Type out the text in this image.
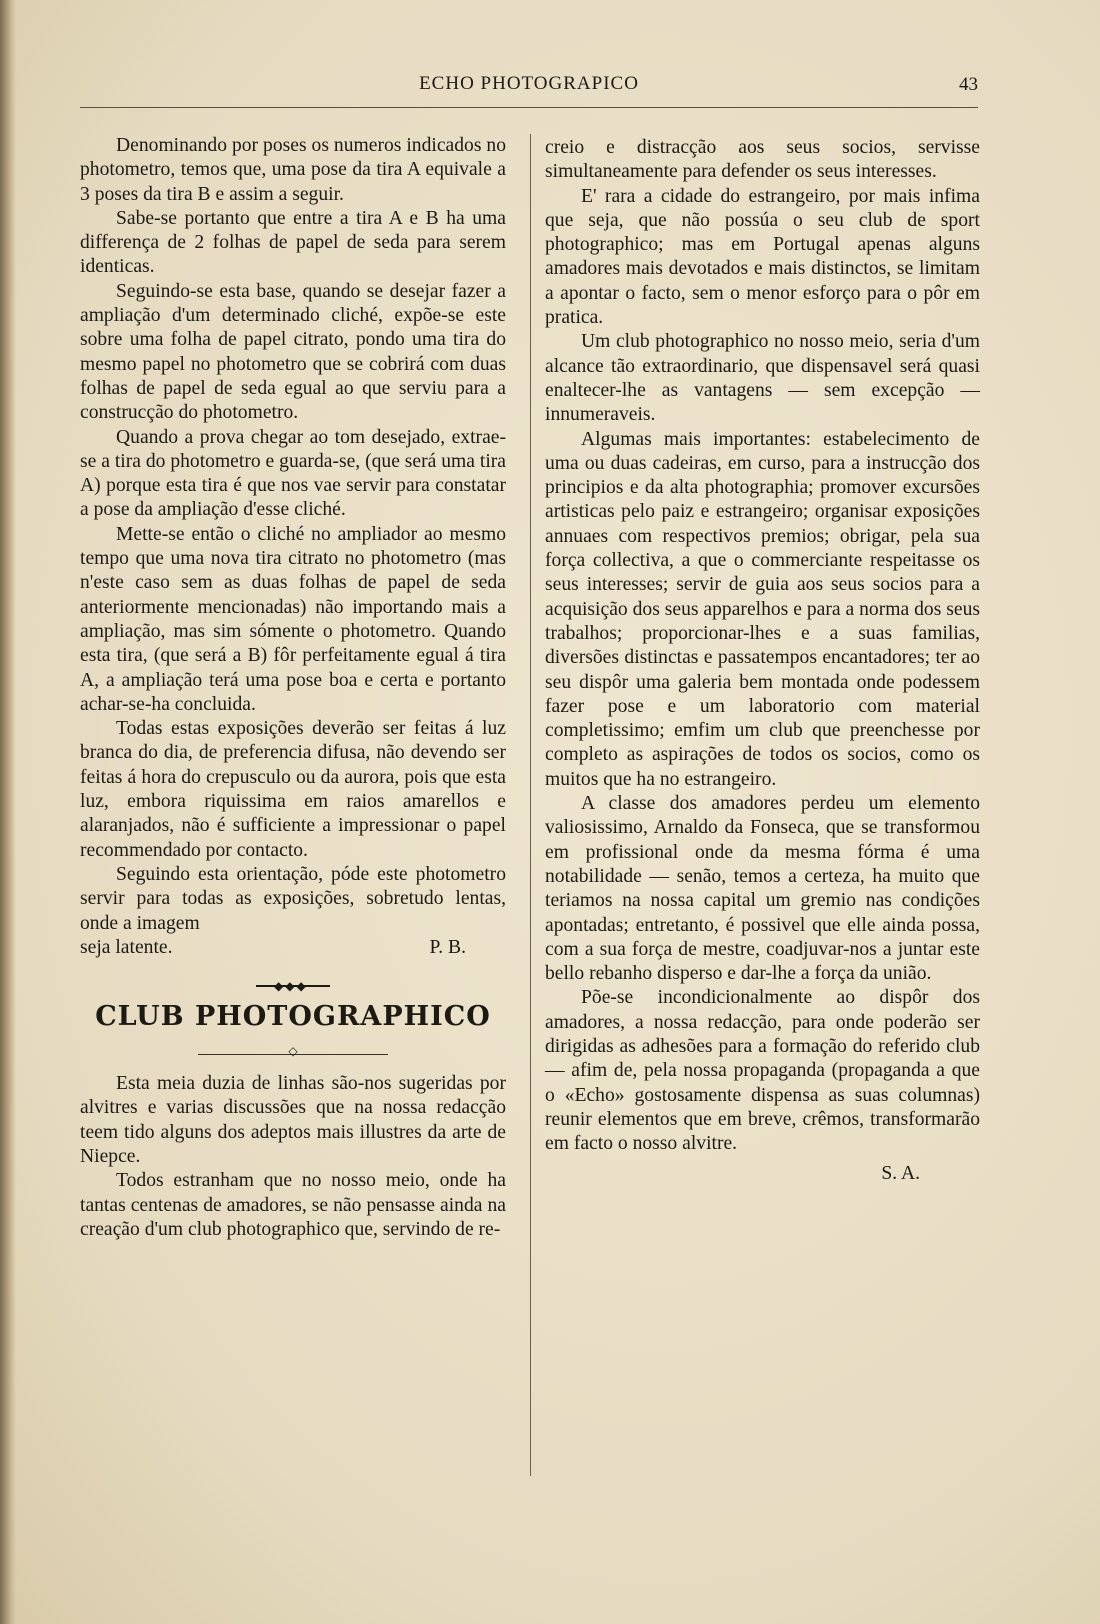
ECHO PHOTOGRAPICO	43

Denominando por poses os numeros indicados no photometro, temos que, uma pose da tira A equivale a 3 poses da tira B e assim a seguir.

Sabe-se portanto que entre a tira A e B ha uma differença de 2 folhas de papel de seda para serem identicas.

Seguindo-se esta base, quando se desejar fazer a ampliação d'um determinado cliché, expõe-se este sobre uma folha de papel citrato, pondo uma tira do mesmo papel no photometro que se cobrirá com duas folhas de papel de seda egual ao que serviu para a construcção do photometro.

Quando a prova chegar ao tom desejado, extrae-se a tira do photometro e guarda-se, (que será uma tira A) porque esta tira é que nos vae servir para constatar a pose da ampliação d'esse cliché.

Mette-se então o cliché no ampliador ao mesmo tempo que uma nova tira citrato no photometro (mas n'este caso sem as duas folhas de papel de seda anteriormente mencionadas) não importando mais a ampliação, mas sim sómente o photometro. Quando esta tira, (que será a B) fôr perfeitamente egual á tira A, a ampliação terá uma pose boa e certa e portanto achar-se-ha concluida.

Todas estas exposições deverão ser feitas á luz branca do dia, de preferencia difusa, não devendo ser feitas á hora do crepusculo ou da aurora, pois que esta luz, embora riquissima em raios amarellos e alaranjados, não é sufficiente a impressionar o papel recommendado por contacto.

Seguindo esta orientação, póde este photometro servir para todas as exposições, sobretudo lentas, onde a imagem

seja latente.	P. B.

◆◆◆
CLUB PHOTOGRAPHICO
◇

Esta meia duzia de linhas são-nos sugeridas por alvitres e varias discussões que na nossa redacção teem tido alguns dos adeptos mais illustres da arte de Niepce.

Todos estranham que no nosso meio, onde ha tantas centenas de amadores, se não pensasse ainda na creação d'um club photographico que, servindo de re-

creio e distracção aos seus socios, servisse simultaneamente para defender os seus interesses.

E' rara a cidade do estrangeiro, por mais infima que seja, que não possúa o seu club de sport photographico; mas em Portugal apenas alguns amadores mais devotados e mais distinctos, se limitam a apontar o facto, sem o menor esforço para o pôr em pratica.

Um club photographico no nosso meio, seria d'um alcance tão extraordinario, que dispensavel será quasi enaltecer-lhe as vantagens — sem excepção — innumeraveis.

Algumas mais importantes: estabelecimento de uma ou duas cadeiras, em curso, para a instrucção dos principios e da alta photographia; promover excursões artisticas pelo paiz e estrangeiro; organisar exposições annuaes com respectivos premios; obrigar, pela sua força collectiva, a que o commerciante respeitasse os seus interesses; servir de guia aos seus socios para a acquisição dos seus apparelhos e para a norma dos seus trabalhos; proporcionar-lhes e a suas familias, diversões distinctas e passatempos encantadores; ter ao seu dispôr uma galeria bem montada onde podessem fazer pose e um laboratorio com material completissimo; emfim um club que preenchesse por completo as aspirações de todos os socios, como os muitos que ha no estrangeiro.

A classe dos amadores perdeu um elemento valiosissimo, Arnaldo da Fonseca, que se transformou em profissional onde da mesma fórma é uma notabilidade — senão, temos a certeza, ha muito que teriamos na nossa capital um gremio nas condições apontadas; entretanto, é possivel que elle ainda possa, com a sua força de mestre, coadjuvar-nos a juntar este bello rebanho disperso e dar-lhe a força da união.

Põe-se incondicionalmente ao dispôr dos amadores, a nossa redacção, para onde poderão ser dirigidas as adhesões para a formação do referido club — afim de, pela nossa propaganda (propaganda a que o «Echo» gostosamente dispensa as suas columnas) reunir elementos que em breve, crêmos, transformarão em facto o nosso alvitre.

S. A.
